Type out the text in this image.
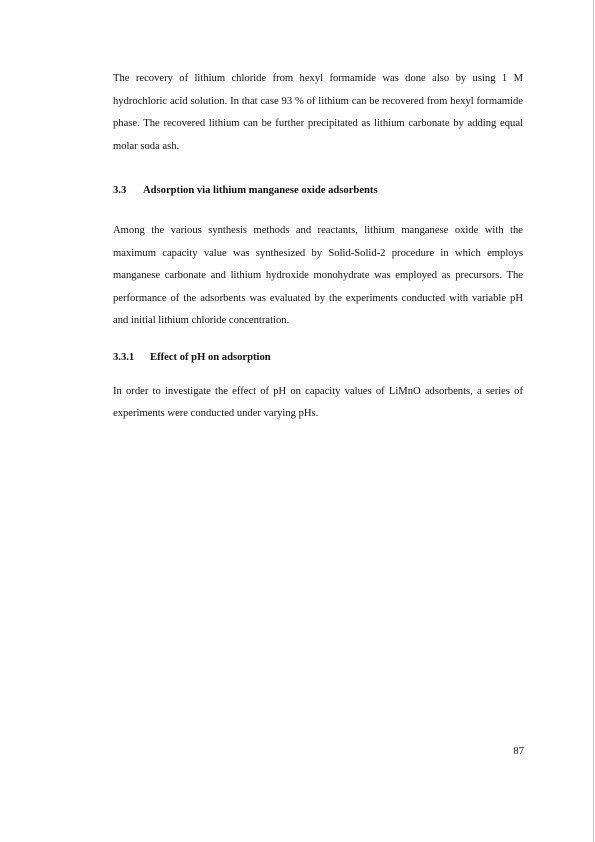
The recovery of lithium chloride from hexyl formamide was done also by using 1 M hydrochloric acid solution. In that case 93 % of lithium can be recovered from hexyl formamide phase. The recovered lithium can be further precipitated as lithium carbonate by adding equal molar soda ash.

3.3 Adsorption via lithium manganese oxide adsorbents

Among the various synthesis methods and reactants, lithium manganese oxide with the maximum capacity value was synthesized by Solid-Solid-2 procedure in which employs manganese carbonate and lithium hydroxide monohydrate was employed as precursors. The performance of the adsorbents was evaluated by the experiments conducted with variable pH and initial lithium chloride concentration.

3.3.1 Effect of pH on adsorption

In order to investigate the effect of pH on capacity values of LiMnO adsorbents, a series of experiments were conducted under varying pHs.

87
